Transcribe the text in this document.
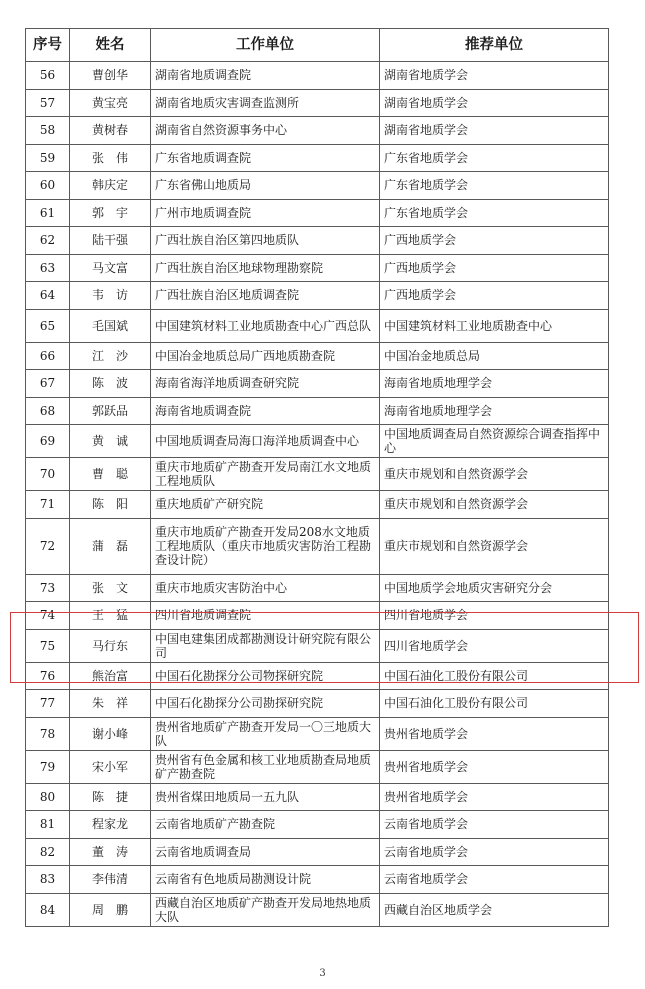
序号	姓名	工作单位	推荐单位
56	曹创华	湖南省地质调查院	湖南省地质学会
57	黄宝亮	湖南省地质灾害调查监测所	湖南省地质学会
58	黄树春	湖南省自然资源事务中心	湖南省地质学会
59	张　伟	广东省地质调查院	广东省地质学会
60	韩庆定	广东省佛山地质局	广东省地质学会
61	郭　宇	广州市地质调查院	广东省地质学会
62	陆干强	广西壮族自治区第四地质队	广西地质学会
63	马文富	广西壮族自治区地球物理勘察院	广西地质学会
64	韦　访	广西壮族自治区地质调查院	广西地质学会
65	毛国斌	中国建筑材料工业地质勘查中心广西总队	中国建筑材料工业地质勘查中心
66	江　沙	中国冶金地质总局广西地质勘查院	中国冶金地质总局
67	陈　波	海南省海洋地质调查研究院	海南省地质地理学会
68	郭跃品	海南省地质调查院	海南省地质地理学会
69	黄　诚	中国地质调查局海口海洋地质调查中心	中国地质调查局自然资源综合调查指挥中心
70	曹　聪	重庆市地质矿产勘查开发局南江水文地质工程地质队	重庆市规划和自然资源学会
71	陈　阳	重庆地质矿产研究院	重庆市规划和自然资源学会
72	蒲　磊	重庆市地质矿产勘查开发局208水文地质工程地质队（重庆市地质灾害防治工程勘查设计院）	重庆市规划和自然资源学会
73	张　文	重庆市地质灾害防治中心	中国地质学会地质灾害研究分会
74	王　猛	四川省地质调查院	四川省地质学会
75	马行东	中国电建集团成都勘测设计研究院有限公司	四川省地质学会
76	熊治富	中国石化勘探分公司物探研究院	中国石油化工股份有限公司
77	朱　祥	中国石化勘探分公司勘探研究院	中国石油化工股份有限公司
78	谢小峰	贵州省地质矿产勘查开发局一〇三地质大队	贵州省地质学会
79	宋小军	贵州省有色金属和核工业地质勘查局地质矿产勘查院	贵州省地质学会
80	陈　捷	贵州省煤田地质局一五九队	贵州省地质学会
81	程家龙	云南省地质矿产勘查院	云南省地质学会
82	董　涛	云南省地质调查局	云南省地质学会
83	李伟清	云南省有色地质局勘测设计院	云南省地质学会
84	周　鹏	西藏自治区地质矿产勘查开发局地热地质大队	西藏自治区地质学会
3
